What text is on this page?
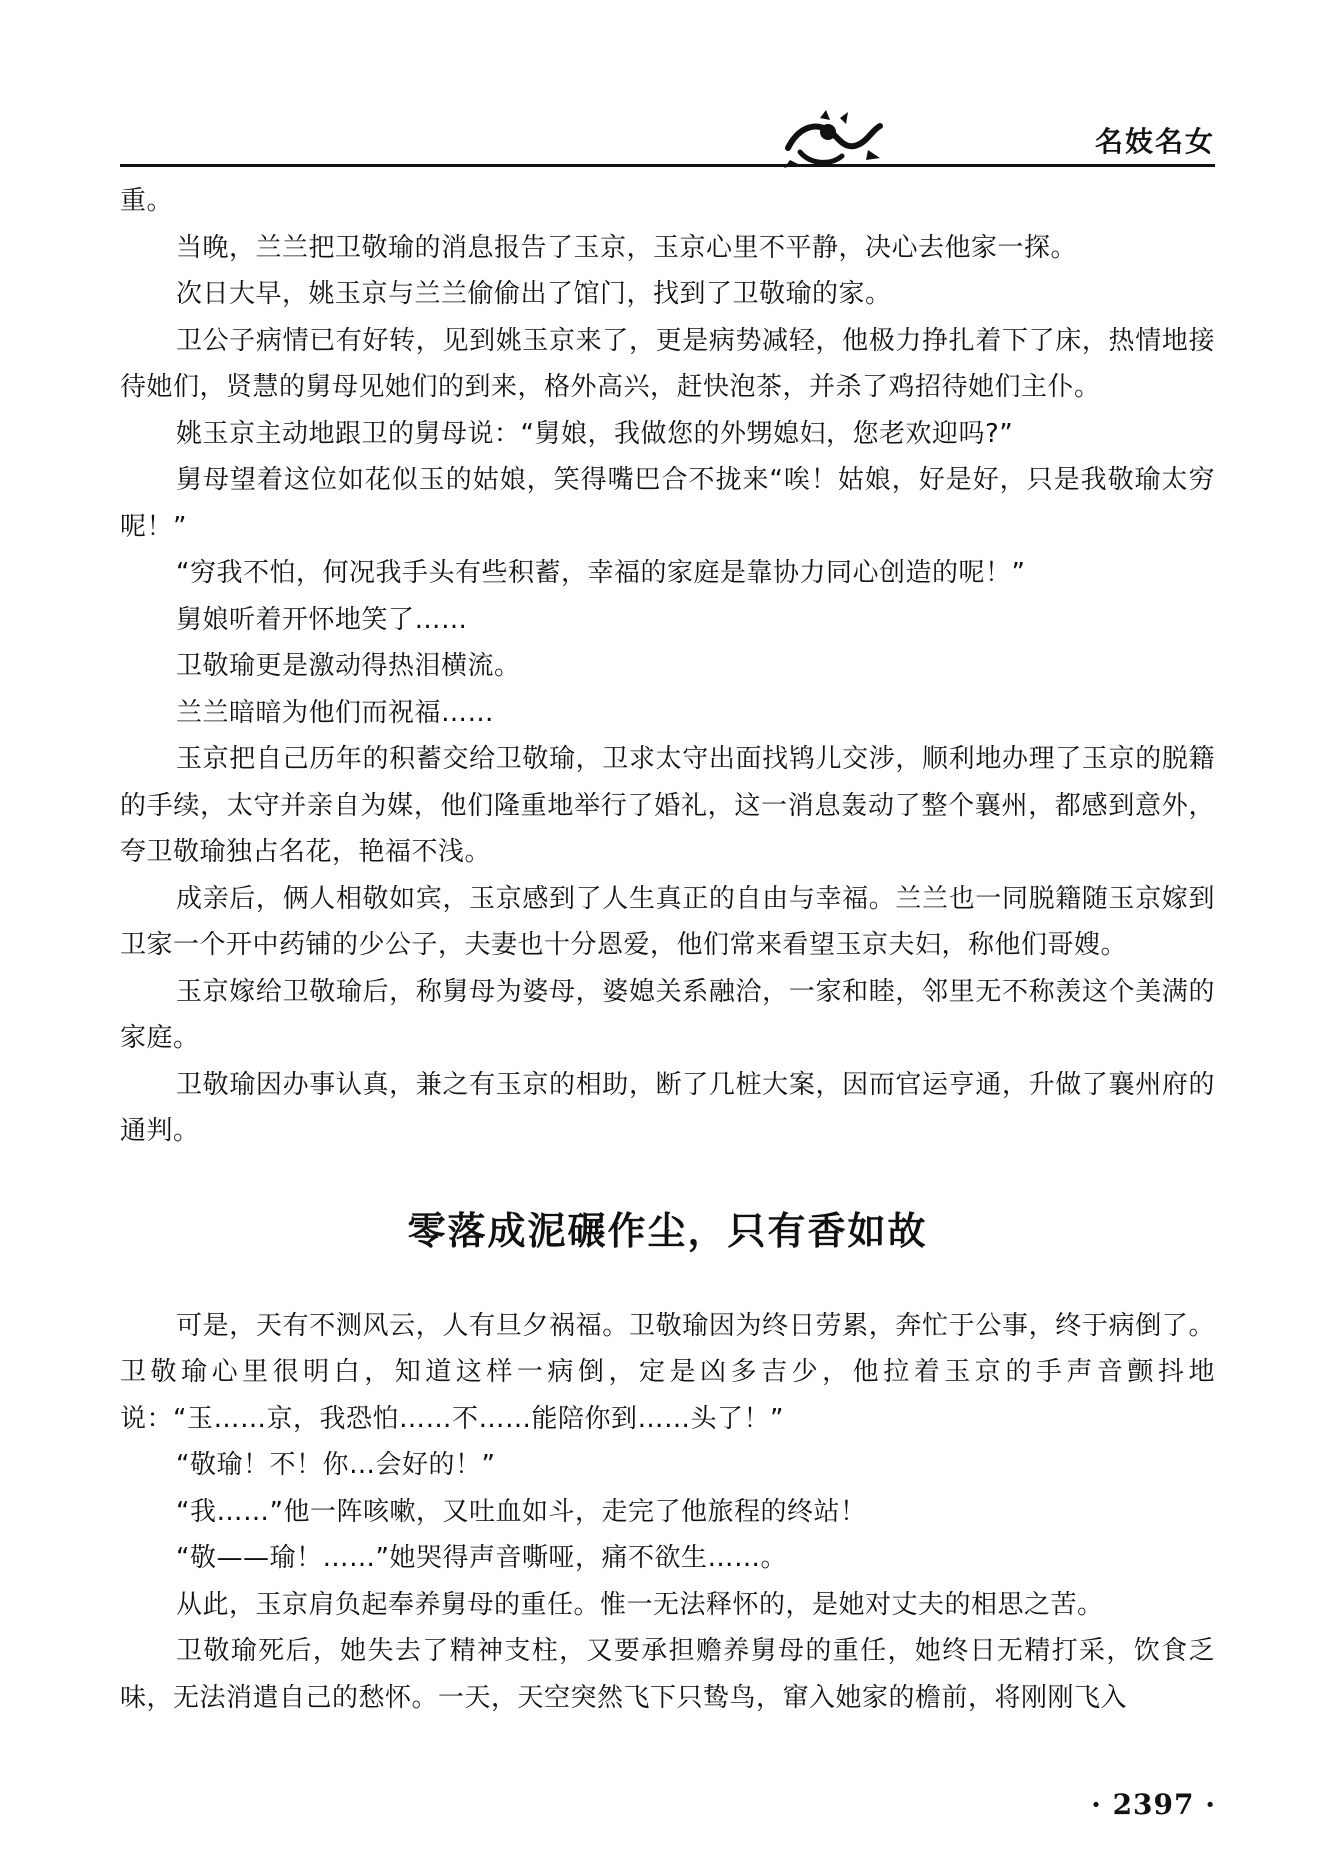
名妓名女

重。

当晚，兰兰把卫敬瑜的消息报告了玉京，玉京心里不平静，决心去他家一探。

次日大早，姚玉京与兰兰偷偷出了馆门，找到了卫敬瑜的家。

卫公子病情已有好转，见到姚玉京来了，更是病势减轻，他极力挣扎着下了床，热情地接待她们，贤慧的舅母见她们的到来，格外高兴，赶快泡茶，并杀了鸡招待她们主仆。

姚玉京主动地跟卫的舅母说：“舅娘，我做您的外甥媳妇，您老欢迎吗?”

舅母望着这位如花似玉的姑娘，笑得嘴巴合不拢来“唉！姑娘，好是好，只是我敬瑜太穷呢！”

“穷我不怕，何况我手头有些积蓄，幸福的家庭是靠协力同心创造的呢！”

舅娘听着开怀地笑了……

卫敬瑜更是激动得热泪横流。

兰兰暗暗为他们而祝福……

玉京把自己历年的积蓄交给卫敬瑜，卫求太守出面找鸨儿交涉，顺利地办理了玉京的脱籍的手续，太守并亲自为媒，他们隆重地举行了婚礼，这一消息轰动了整个襄州，都感到意外，夸卫敬瑜独占名花，艳福不浅。

成亲后，俩人相敬如宾，玉京感到了人生真正的自由与幸福。兰兰也一同脱籍随玉京嫁到卫家一个开中药铺的少公子，夫妻也十分恩爱，他们常来看望玉京夫妇，称他们哥嫂。

玉京嫁给卫敬瑜后，称舅母为婆母，婆媳关系融洽，一家和睦，邻里无不称羡这个美满的家庭。

卫敬瑜因办事认真，兼之有玉京的相助，断了几桩大案，因而官运亨通，升做了襄州府的通判。

零落成泥碾作尘，只有香如故

可是，天有不测风云，人有旦夕祸福。卫敬瑜因为终日劳累，奔忙于公事，终于病倒了。卫敬瑜心里很明白，知道这样一病倒，定是凶多吉少，他拉着玉京的手声音颤抖地说：“玉……京，我恐怕……不……能陪你到……头了！”

“敬瑜！不！你…会好的！”

“我……”他一阵咳嗽，又吐血如斗，走完了他旅程的终站！

“敬——瑜！……”她哭得声音嘶哑，痛不欲生……。

从此，玉京肩负起奉养舅母的重任。惟一无法释怀的，是她对丈夫的相思之苦。

卫敬瑜死后，她失去了精神支柱，又要承担赡养舅母的重任，她终日无精打采，饮食乏味，无法消遣自己的愁怀。一天，天空突然飞下只鸷鸟，窜入她家的檐前，将刚刚飞入

· 2397 ·
